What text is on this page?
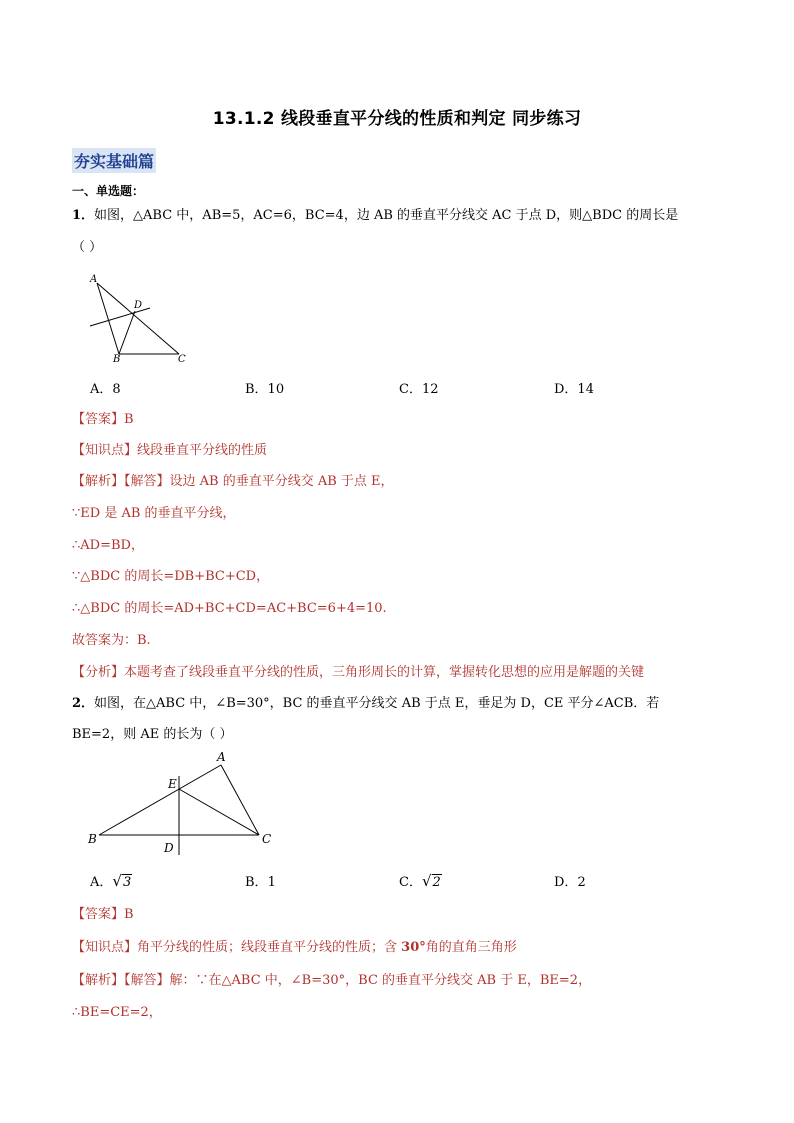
13.1.2 线段垂直平分线的性质和判定 同步练习
夯实基础篇
一、单选题：
1．如图，△ABC 中，AB=5，AC=6，BC=4，边 AB 的垂直平分线交 AC 于点 D，则△BDC 的周长是
（ ）
A
D
B	C
A．8	B．10	C．12	D．14
【答案】B
【知识点】线段垂直平分线的性质
【解析】【解答】设边 AB 的垂直平分线交 AB 于点 E，
∵ED 是 AB 的垂直平分线，
∴AD=BD，
∵△BDC 的周长=DB+BC+CD，
∴△BDC 的周长=AD+BC+CD=AC+BC=6+4=10.
故答案为：B.
【分析】本题考查了线段垂直平分线的性质，三角形周长的计算，掌握转化思想的应用是解题的关键
2．如图，在△ABC 中，∠B=30°，BC 的垂直平分线交 AB 于点 E，垂足为 D，CE 平分∠ACB．若
BE=2，则 AE 的长为（ ）
A
E
B
D
C
A．√3	B．1	C．√2	D．2
【答案】B
【知识点】角平分线的性质；线段垂直平分线的性质；含 30°角的直角三角形
【解析】【解答】解：∵在△ABC 中，∠B=30°，BC 的垂直平分线交 AB 于 E，BE=2，
∴BE=CE=2，
